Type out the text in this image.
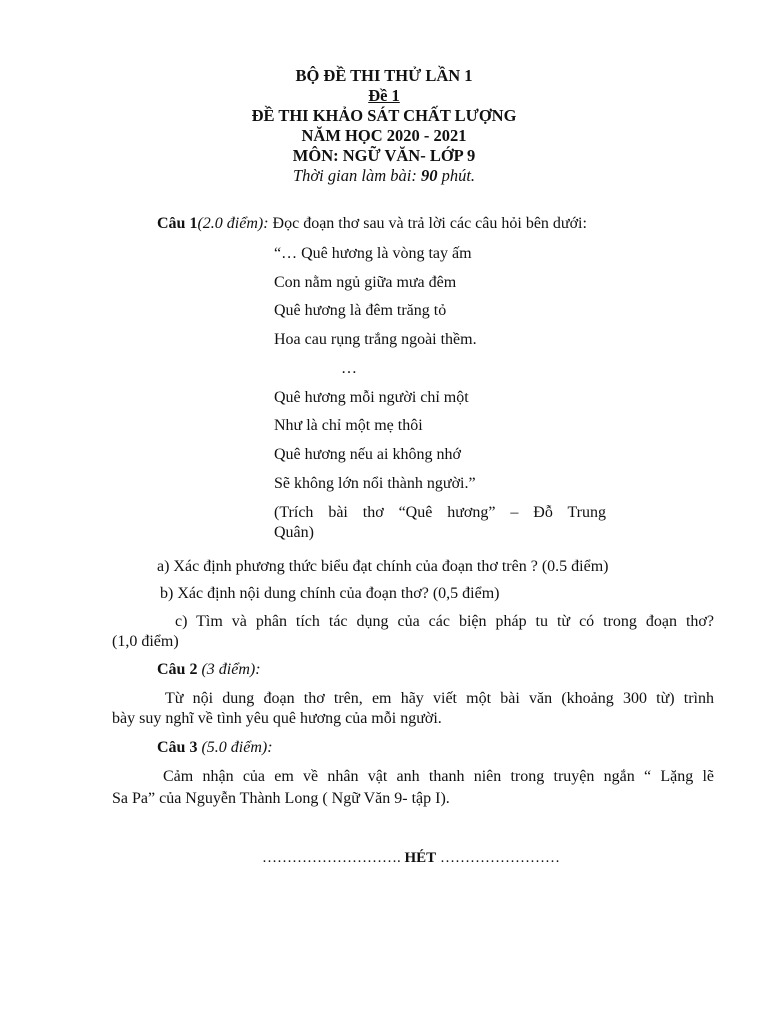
BỘ ĐỀ THI THỬ LẦN 1
Đề 1
ĐỀ THI KHẢO SÁT CHẤT LƯỢNG
NĂM HỌC 2020 - 2021
MÔN: NGỮ VĂN- LỚP 9
Thời gian làm bài: 90 phút.
Câu 1(2.0 điểm): Đọc đoạn thơ sau và trả lời các câu hỏi bên dưới:
“… Quê hương là vòng tay ấm
Con nằm ngủ giữa mưa đêm
Quê hương là đêm trăng tỏ
Hoa cau rụng trắng ngoài thềm.
…
Quê hương mỗi người chỉ một
Như là chỉ một mẹ thôi
Quê hương nếu ai không nhớ
Sẽ không lớn nổi thành người.”
(Trích bài thơ “Quê hương” – Đỗ Trung
Quân)
a) Xác định phương thức biểu đạt chính của đoạn thơ trên ? (0.5 điểm)
b) Xác định nội dung chính của đoạn thơ? (0,5 điểm)
c) Tìm và phân tích tác dụng của các biện pháp tu từ có trong đoạn thơ?
(1,0 điểm)
Câu 2 (3 điểm):
Từ nội dung đoạn thơ trên, em hãy viết một bài văn (khoảng 300 từ) trình
bày suy nghĩ về tình yêu quê hương của mỗi người.
Câu 3 (5.0 điểm):
Cảm nhận của em về nhân vật anh thanh niên trong truyện ngắn “ Lặng lẽ
Sa Pa” của Nguyễn Thành Long ( Ngữ Văn 9- tập I).
………………………. HÉT ……………………
